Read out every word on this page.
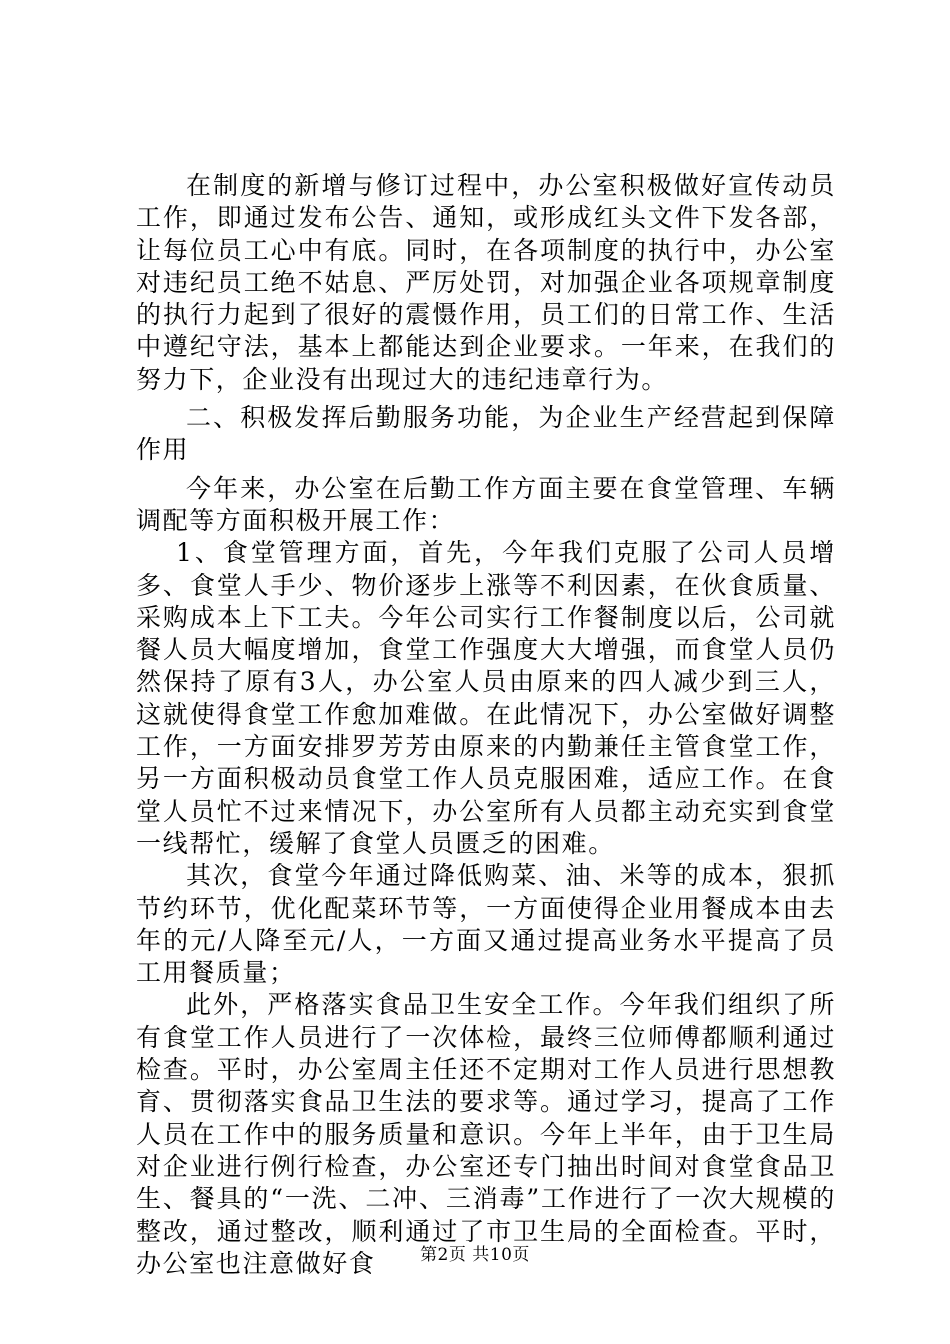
在制度的新增与修订过程中，办公室积极做好宣传动员工作，即通过发布公告、通知，或形成红头文件下发各部，让每位员工心中有底。同时，在各项制度的执行中，办公室对违纪员工绝不姑息、严厉处罚，对加强企业各项规章制度的执行力起到了很好的震慑作用，员工们的日常工作、生活中遵纪守法，基本上都能达到企业要求。一年来，在我们的努力下，企业没有出现过大的违纪违章行为。

二、积极发挥后勤服务功能，为企业生产经营起到保障作用

今年来，办公室在后勤工作方面主要在食堂管理、车辆调配等方面积极开展工作：

1、食堂管理方面，首先，今年我们克服了公司人员增多、食堂人手少、物价逐步上涨等不利因素，在伙食质量、采购成本上下工夫。今年公司实行工作餐制度以后，公司就餐人员大幅度增加，食堂工作强度大大增强，而食堂人员仍然保持了原有3人，办公室人员由原来的四人减少到三人，这就使得食堂工作愈加难做。在此情况下，办公室做好调整工作，一方面安排罗芳芳由原来的内勤兼任主管食堂工作，另一方面积极动员食堂工作人员克服困难，适应工作。在食堂人员忙不过来情况下，办公室所有人员都主动充实到食堂一线帮忙，缓解了食堂人员匮乏的困难。

其次，食堂今年通过降低购菜、油、米等的成本，狠抓节约环节，优化配菜环节等，一方面使得企业用餐成本由去年的元/人降至元/人，一方面又通过提高业务水平提高了员工用餐质量；

此外，严格落实食品卫生安全工作。今年我们组织了所有食堂工作人员进行了一次体检，最终三位师傅都顺利通过检查。平时，办公室周主任还不定期对工作人员进行思想教育、贯彻落实食品卫生法的要求等。通过学习，提高了工作人员在工作中的服务质量和意识。今年上半年，由于卫生局对企业进行例行检查，办公室还专门抽出时间对食堂食品卫生、餐具的“一洗、二冲、三消毒”工作进行了一次大规模的整改，通过整改，顺利通过了市卫生局的全面检查。平时，办公室也注意做好食	第2页 共10页
